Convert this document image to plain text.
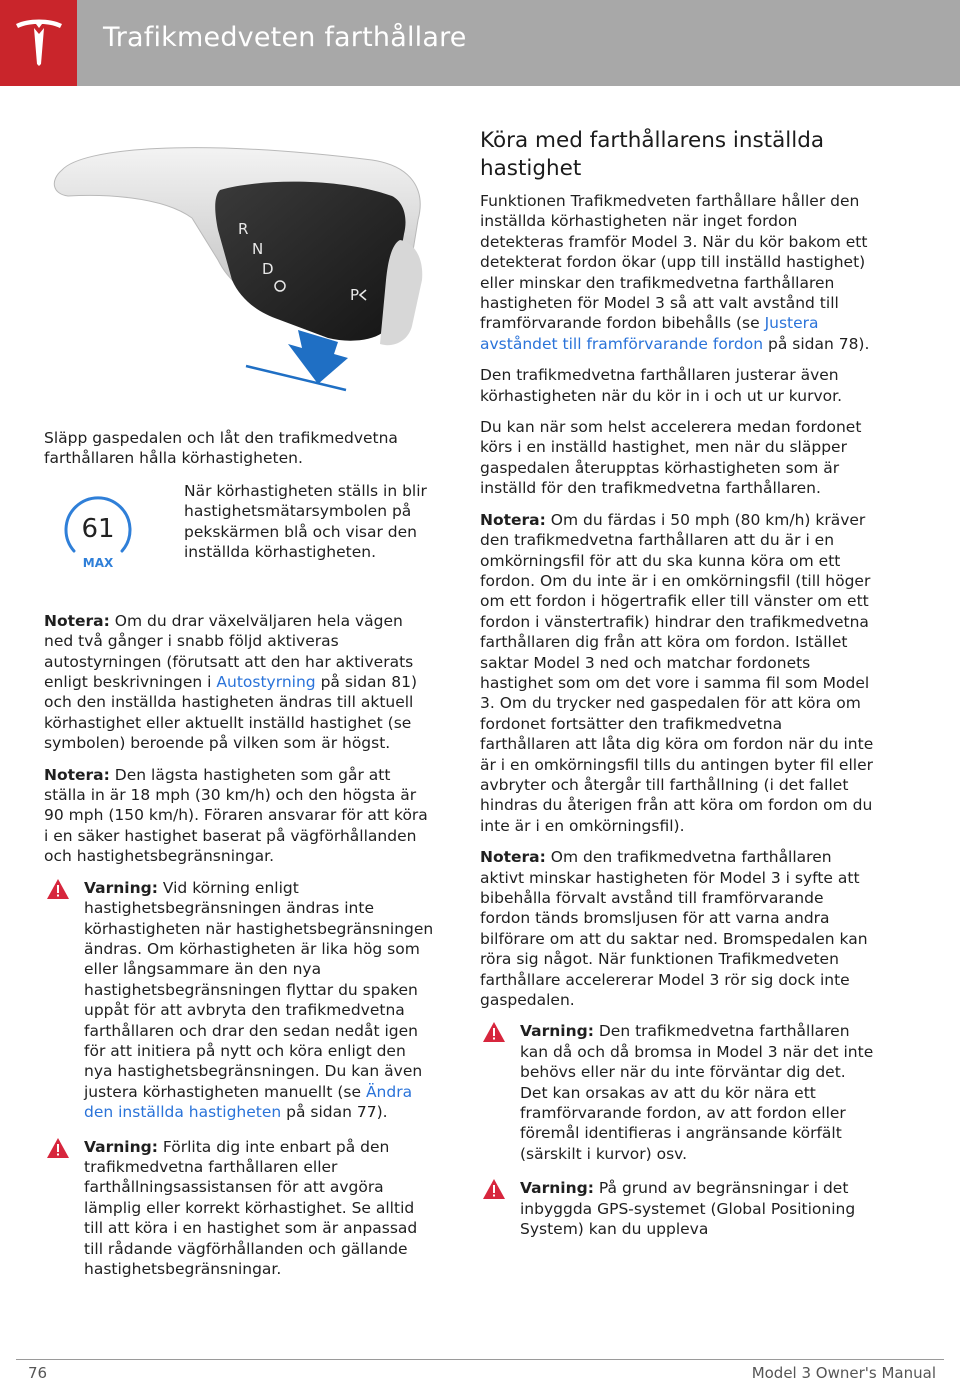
Trafikmedveten farthållare
R
N
D
P

Släpp gaspedalen och låt den trafikmedvetna farthållaren hålla körhastigheten.

61
MAX
När körhastigheten ställs in blir hastighetsmätarsymbolen på pekskärmen blå och visar den inställda körhastigheten.

Notera: Om du drar växelväljaren hela vägen ned två gånger i snabb följd aktiveras autostyrningen (förutsatt att den har aktiverats enligt beskrivningen i Autostyrning på sidan 81) och den inställda hastigheten ändras till aktuell körhastighet eller aktuellt inställd hastighet (se symbolen) beroende på vilken som är högst.

Notera: Den lägsta hastigheten som går att ställa in är 18 mph (30 km/h) och den högsta är 90 mph (150 km/h). Föraren ansvarar för att köra i en säker hastighet baserat på vägförhållanden och hastighetsbegränsningar.

Varning: Vid körning enligt hastighetsbegränsningen ändras inte körhastigheten när hastighetsbegränsningen ändras. Om körhastigheten är lika hög som eller långsammare än den nya hastighetsbegränsningen flyttar du spaken uppåt för att avbryta den trafikmedvetna farthållaren och drar den sedan nedåt igen för att initiera på nytt och köra enligt den nya hastighetsbegränsningen. Du kan även justera körhastigheten manuellt (se Ändra den inställda hastigheten på sidan 77).
Varning: Förlita dig inte enbart på den trafikmedvetna farthållaren eller farthållningsassistansen för att avgöra lämplig eller korrekt körhastighet. Se alltid till att köra i en hastighet som är anpassad till rådande vägförhållanden och gällande hastighetsbegränsningar.
Köra med farthållarens inställda hastighet

Funktionen Trafikmedveten farthållare håller den inställda körhastigheten när inget fordon detekteras framför Model 3. När du kör bakom ett detekterat fordon ökar (upp till inställd hastighet) eller minskar den trafikmedvetna farthållaren hastigheten för Model 3 så att valt avstånd till framförvarande fordon bibehålls (se Justera avståndet till framförvarande fordon på sidan 78).

Den trafikmedvetna farthållaren justerar även körhastigheten när du kör in i och ut ur kurvor.

Du kan när som helst accelerera medan fordonet körs i en inställd hastighet, men när du släpper gaspedalen återupptas körhastigheten som är inställd för den trafikmedvetna farthållaren.

Notera: Om du färdas i 50 mph (80 km/h) kräver den trafikmedvetna farthållaren att du är i en omkörningsfil för att du ska kunna köra om ett fordon. Om du inte är i en omkörningsfil (till höger om ett fordon i högertrafik eller till vänster om ett fordon i vänstertrafik) hindrar den trafikmedvetna farthållaren dig från att köra om fordon. Istället saktar Model 3 ned och matchar fordonets hastighet som om det vore i samma fil som Model 3. Om du trycker ned gaspedalen för att köra om fordonet fortsätter den trafikmedvetna farthållaren att låta dig köra om fordon när du inte är i en omkörningsfil tills du antingen byter fil eller avbryter och återgår till farthållning (i det fallet hindras du återigen från att köra om fordon om du inte är i en omkörningsfil).

Notera: Om den trafikmedvetna farthållaren aktivt minskar hastigheten för Model 3 i syfte att bibehålla förvalt avstånd till framförvarande fordon tänds bromsljusen för att varna andra bilförare om att du saktar ned. Bromspedalen kan röra sig något. När funktionen Trafikmedveten farthållare accelererar Model 3 rör sig dock inte gaspedalen.

Varning: Den trafikmedvetna farthållaren kan då och då bromsa in Model 3 när det inte behövs eller när du inte förväntar dig det. Det kan orsakas av att du kör nära ett framförvarande fordon, av att fordon eller föremål identifieras i angränsande körfält (särskilt i kurvor) osv.
Varning: På grund av begränsningar i det inbyggda GPS-systemet (Global Positioning System) kan du uppleva
76	Model 3 Owner's Manual
